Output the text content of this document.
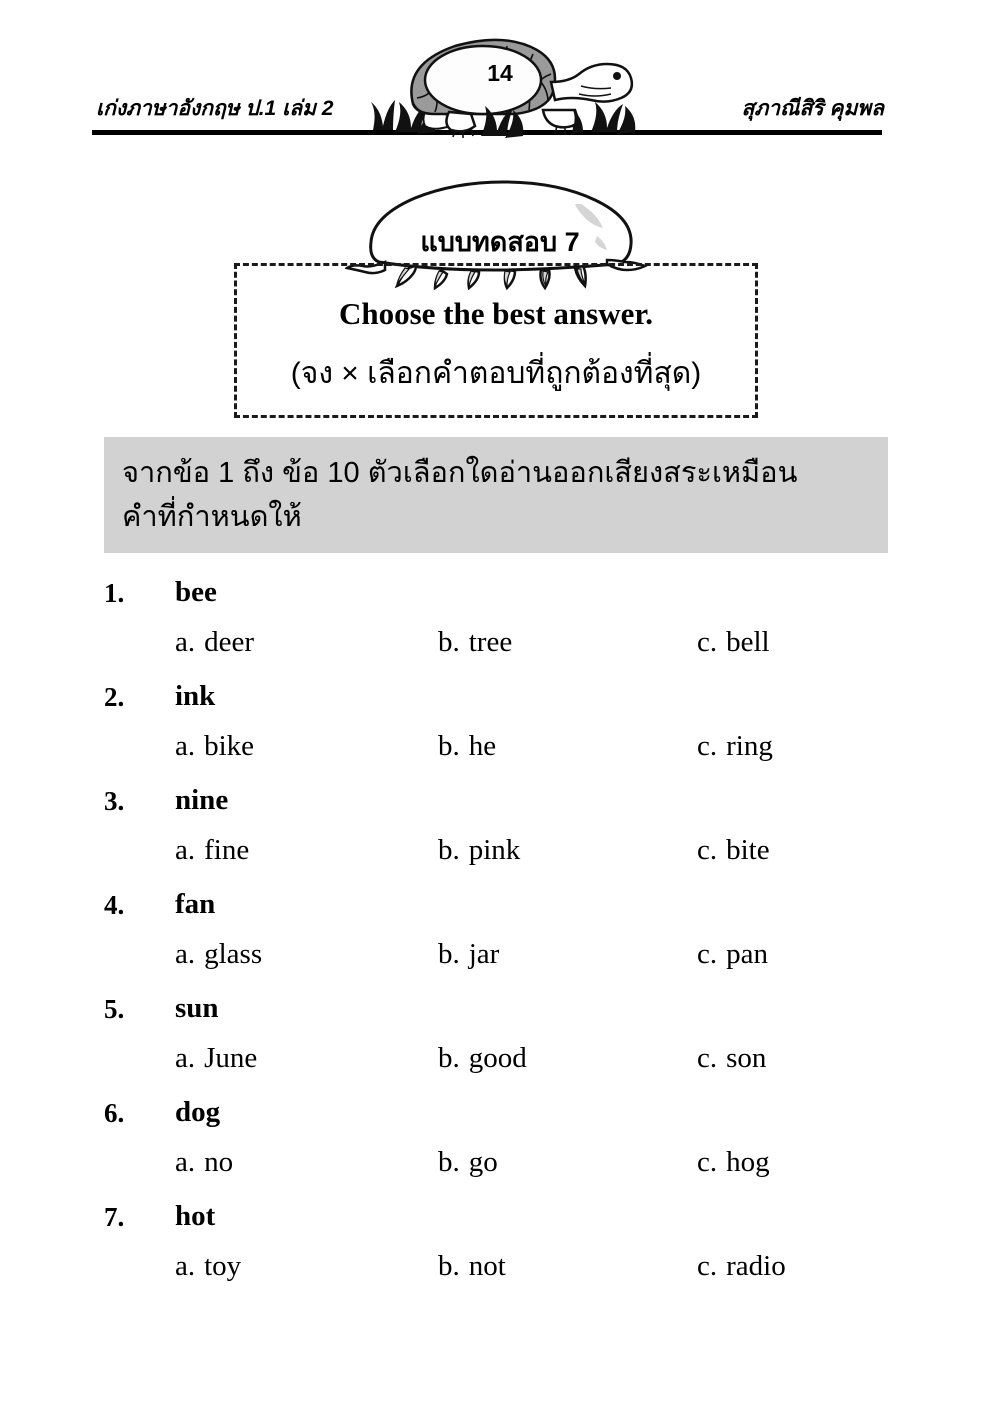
เก่งภาษาอังกฤษ ป.1 เล่ม 2	สุภาณีสิริ คุมพล
14
แบบทดสอบ 7
Choose the best answer.
(จง × เลือกคำตอบที่ถูกต้องที่สุด)
จากข้อ 1 ถึง ข้อ 10 ตัวเลือกใดอ่านออกเสียงสระเหมือน
คำที่กำหนดให้
1. bee
a. deer	b. tree	c. bell
2. ink
a. bike	b. he	c. ring
3. nine
a. fine	b. pink	c. bite
4. fan
a. glass	b. jar	c. pan
5. sun
a. June	b. good	c. son
6. dog
a. no	b. go	c. hog
7. hot
a. toy	b. not	c. radio
